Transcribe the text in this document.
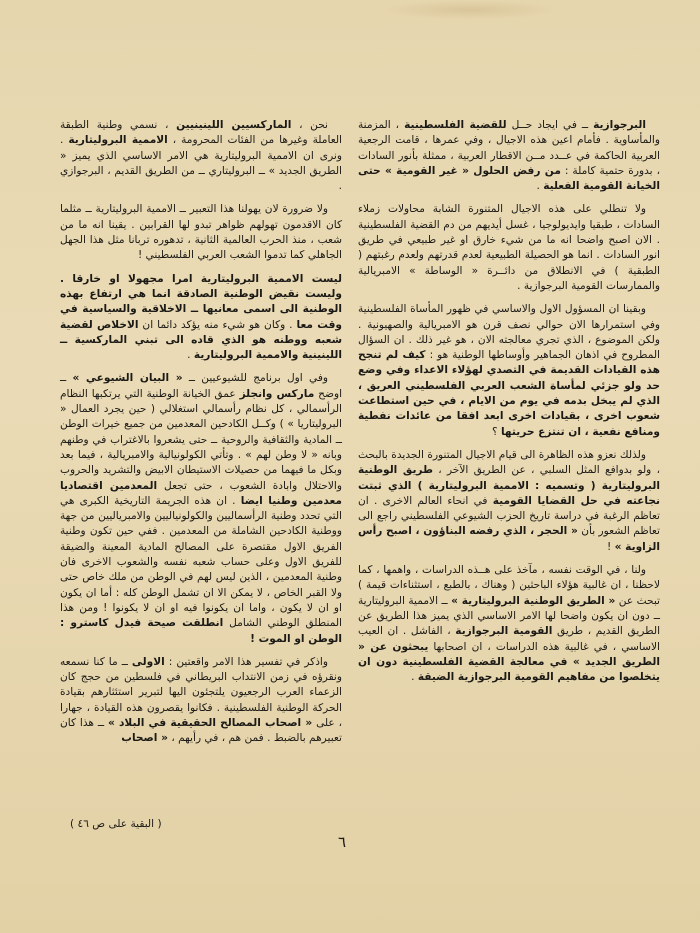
البرجوازية ــ في ايجاد حــل للقضية الفلسطينية ، المزمنة والمأساوية . فأمام اعين هذه الاجيال ، وفي عمرها ، قامت الرجعية العربية الحاكمة في عــدد مــن الاقطار العربية ، ممثلة بأنور السادات ، بدورة حتمية كاملة : من رفض الحلول « غير القومية » حتى الخيانة القومية الفعلية .

ولا تنطلي على هذه الاجيال المتنورة الشابة محاولات زملاء السادات ، طبقيا وايديولوجيا ، غسل أيديهم من دم القضية الفلسطينية . الان اصبح واضحا انه ما من شيء خارق او غير طبيعي في طريق انور السادات . انما هو الحصيلة الطبيعية لعدم قدرتهم ولعدم رغبتهم ( الطبقية ) في الانطلاق من دائــرة « الوساطة » الامبريالية والممارسات القومية البرجوازية .

وبقينا ان المسؤول الاول والاساسي في ظهور المأساة الفلسطينية وفي استمرارها الان حوالي نصف قرن هو الامبريالية والصهيونية . ولكن الموضوع ، الذي تجري معالجته الان ، هو غير ذلك . ان السؤال المطروح في اذهان الجماهير وأوساطها الوطنية هو : كيف لم تنجح هذه القيادات القديمة في التصدي لهؤلاء الاعداء وفي وضع حد ولو جزئي لمأساة الشعب العربي الفلسطيني العريق ، الذي لم يبخل بدمه في يوم من الايام ، في حين استطاعت شعوب اخرى ، بقيادات اخرى ابعد افقا من عائدات نفطية ومنافع نفعية ، ان تنتزع حريتها ؟

ولذلك نعزو هذه الظاهرة الى قيام الاجيال المتنورة الجديدة بالبحث ، ولو بدوافع المثل السلبي ، عن الطريق الآخر ، طريق الوطنية البروليتارية ( وتسميه : الاممية البروليتارية ) الذي ثبتت نجاعته في حل القضايا القومية في انحاء العالم الاخرى . ان تعاظم الرغبة في دراسة تاريخ الحزب الشيوعي الفلسطيني راجع الى تعاظم الشعور بأن « الحجر ، الذي رفضه البناؤون ، اصبح رأس الزاوية » !

ولنا ، في الوقت نفسه ، مآخذ على هــذه الدراسات ، واهمها ، كما لاحظنا ، ان غالبية هؤلاء الباحثين ( وهناك ، بالطبع ، استثناءات قيمة ) تبحث عن « الطريق الوطنية البروليتارية » ــ الاممية البروليتارية ــ دون ان يكون واضحا لها الامر الاساسي الذي يميز هذا الطريق عن الطريق القديم ، طريق القومية البرجوازية ، الفاشل . ان العيب الاساسي ، في غالبية هذه الدراسات ، ان اصحابها يبحثون عن « الطريق الجديد » في معالجة القضية الفلسطينية دون ان يتخلصوا من مفاهيم القومية البرجوازية الضيقة .

نحن ، الماركسيين اللينينيين ، نسمي وطنية الطبقة العاملة وغيرها من الفئات المحرومة ، الاممية البروليتارية . ونرى ان الاممية البروليتارية هي الامر الاساسي الذي يميز « الطريق الجديد » ــ البروليتاري ــ من الطريق القديم ، البرجوازي .

ولا ضرورة لان يهولنا هذا التعبير ــ الاممية البروليتارية ــ مثلما كان الاقدمون تهولهم ظواهر تبدو لها القرابين . يقينا انه ما من شعب ، منذ الحرب العالمية الثانية ، تدهوره تربانا مثل هذا الجهل الجاهلي كما تدموا الشعب العربي الفلسطيني !

ليست الاممية البروليتارية امرا مجهولا او خارقا . وليست نقيض الوطنية الصادقة انما هي ارتفاع بهذه الوطنية الى اسمى معانيها ــ الاخلاقية والسياسية في وقت معا . وكان هو شيء منه يؤكد دائما ان الاخلاص لقضية شعبه ووطنه هو الذي قاده الى تبني الماركسية ــ اللينينية والاممية البروليتارية .

وفي اول برنامج للشيوعيين ــ « البيان الشيوعي » ــ اوضح ماركس وانجلز عمق الخيانة الوطنية التي يرتكبها النظام الرأسمالي ، كل نظام رأسمالي استغلالي ( حين يجرد العمال « البروليتاريا » ) وكــل الكادحين المعدمين من جميع خيرات الوطن ــ المادية والثقافية والروحية ــ حتى يشعروا بالاغتراب في وطنهم وبانه « لا وطن لهم » . وتأتي الكولونيالية والامبريالية ، فيما بعد وبكل ما فيهما من حصيلات الاستيطان الابيض والتشريد والحروب والاحتلال وابادة الشعوب ، حتى تجعل المعدمين اقتصاديا معدمين وطنيا ايضا . ان هذه الجريمة التاريخية الكبرى هي التي تحدد وطنية الرأسماليين والكولونياليين والامبرياليين من جهة ووطنية الكادحين الشاملة من المعدمين . ففي حين تكون وطنية الفريق الاول مقتصرة على المصالح المادية المعينة والضيقة للفريق الاول وعلى حساب شعبه نفسه والشعوب الاخرى فان وطنية المعدمين ، الذين ليس لهم في الوطن من ملك خاص حتى ولا القبر الخاص ، لا يمكن الا ان تشمل الوطن كله : أما ان يكون او ان لا يكون ، واما ان يكونوا فيه او ان لا يكونوا ! ومن هذا المنطلق الوطني الشامل انطلقت صيحة فيدل كاسترو : الوطن او الموت !

واذكر في تفسير هذا الامر واقعتين : الاولى ــ ما كنا نسمعه ونقرؤه في زمن الانتداب البريطاني في فلسطين من حجج كان الزعماء العرب الرجعيون يلتجئون اليها لتبرير استئثارهم بقيادة الحركة الوطنية الفلسطينية . فكانوا يقصرون هذه القيادة ، جهارا ، على « اصحاب المصالح الحقيقية في البلاد » ــ هذا كان تعبيرهم بالضبط . فمن هم ، في رأيهم ، « اصحاب

( البقية على ص ٤٦ )
٦
